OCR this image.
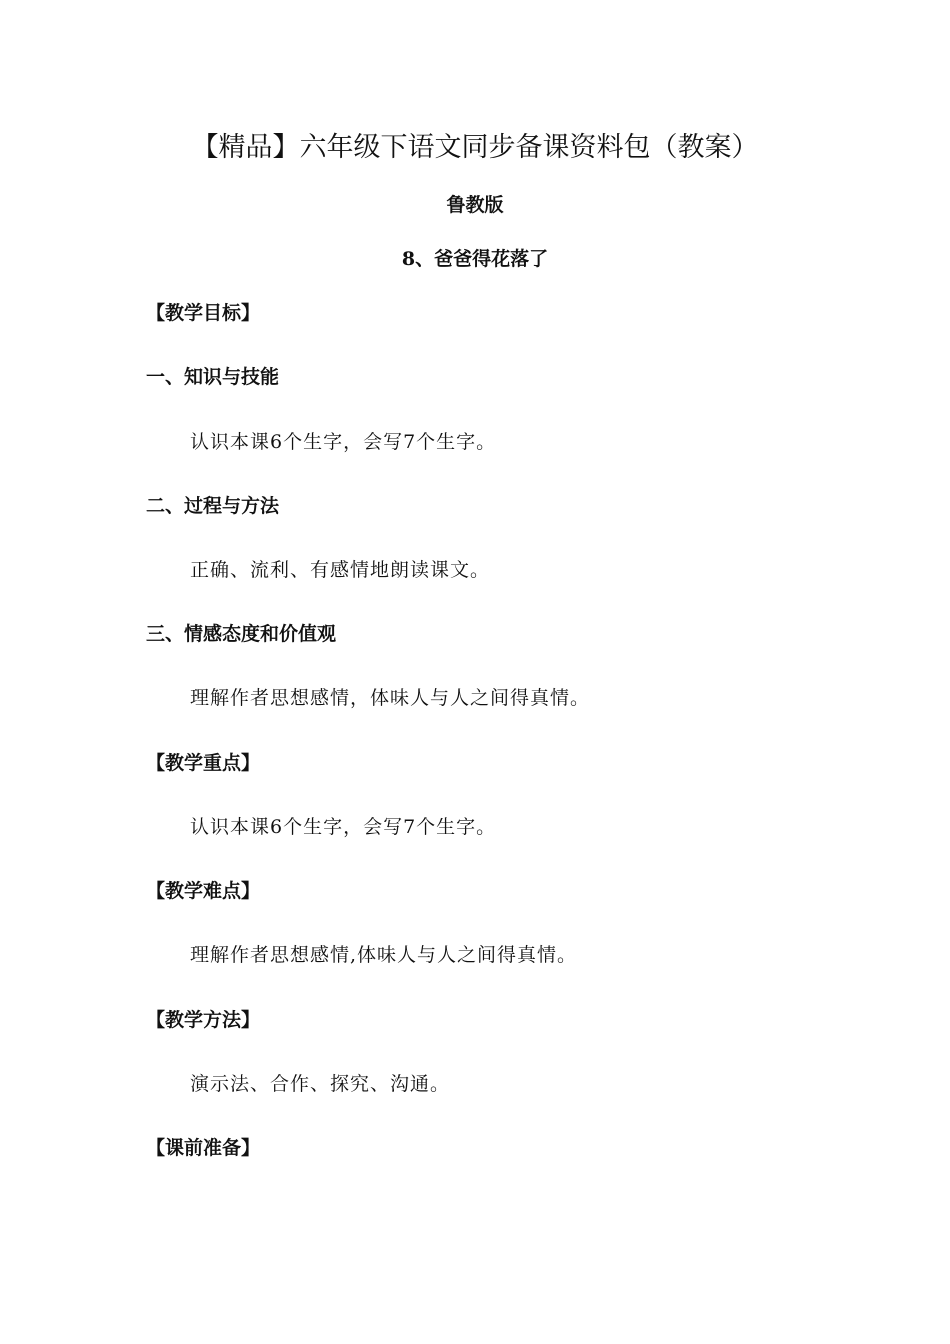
【精品】六年级下语文同步备课资料包（教案）
鲁教版
8、爸爸得花落了
【教学目标】
一、知识与技能
认识本课6个生字，会写7个生字。
二、过程与方法
正确、流利、有感情地朗读课文。
三、情感态度和价值观
理解作者思想感情，体味人与人之间得真情。
【教学重点】
认识本课6个生字，会写7个生字。
【教学难点】
理解作者思想感情,体味人与人之间得真情。
【教学方法】
演示法、合作、探究、沟通。
【课前准备】
